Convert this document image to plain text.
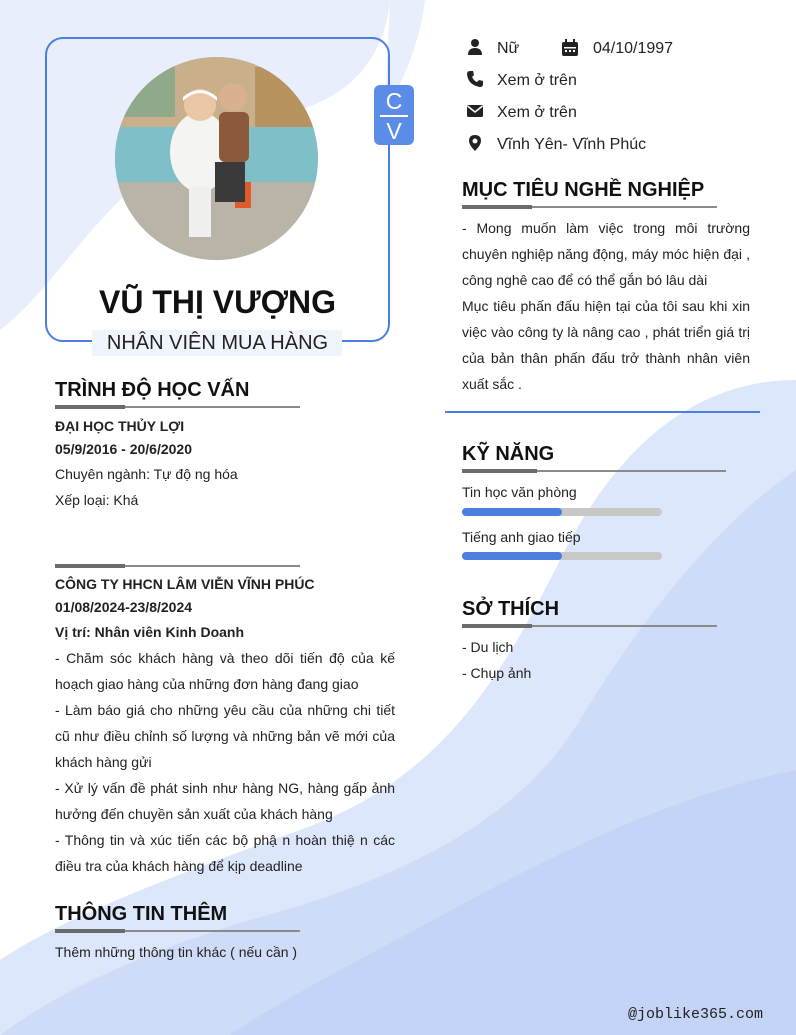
C
V
VŨ THỊ VƯỢNG
NHÂN VIÊN MUA HÀNG
Nữ	04/10/1997
Xem ở trên
Xem ở trên
Vĩnh Yên- Vĩnh Phúc
MỤC TIÊU NGHỀ NGHIỆP
- Mong muốn làm việc trong môi trường chuyên nghiệp năng động, máy móc hiện đại , công nghê cao để có thể gắn bó lâu dài
Mục tiêu phấn đấu hiện tại của tôi sau khi xin việc vào công ty là nâng cao , phát triển giá trị của bản thân phấn đấu trở thành nhân viên xuất sắc .
KỸ NĂNG
Tin học văn phòng
Tiếng anh giao tiếp
SỞ THÍCH
- Du lịch
- Chụp ảnh
TRÌNH ĐỘ HỌC VẤN
ĐẠI HỌC THỦY LỢI
05/9/2016 - 20/6/2020
Chuyên ngành: Tự độ ng hóa
Xếp loại: Khá
CÔNG TY HHCN LÂM VIỄN VĨNH PHÚC
01/08/2024-23/8/2024
Vị trí: Nhân viên Kinh Doanh
- Chăm sóc khách hàng và theo dõi tiến độ của kế hoạch giao hàng của những đơn hàng đang giao
- Làm báo giá cho những yêu cầu của những chi tiết cũ như điều chỉnh số lượng và những bản vẽ mới của khách hàng gửi
- Xử lý vấn đề phát sinh như hàng NG, hàng gấp ảnh hưởng đến chuyền sản xuất của khách hàng
- Thông tin và xúc tiến các bộ phậ n hoàn thiệ n các điều tra của khách hàng để kịp deadline
THÔNG TIN THÊM
Thêm những thông tin khác ( nếu cần )
@joblike365.com
